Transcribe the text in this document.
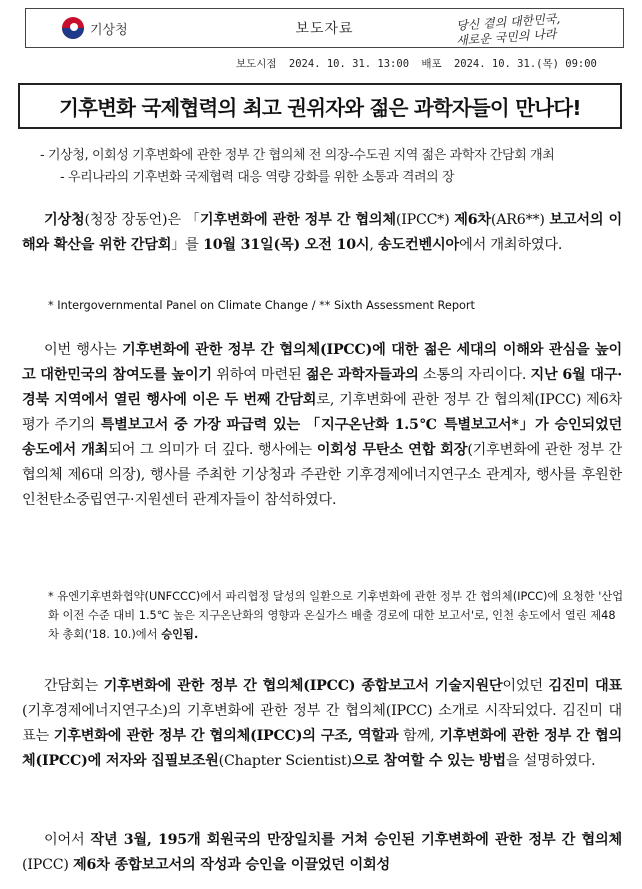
기상청	보도자료	당신 곁의 대한민국,
새로운 국민의 나라
보도시점 2024. 10. 31. 13:00 배포 2024. 10. 31.(목) 09:00
기후변화 국제협력의 최고 권위자와 젊은 과학자들이 만나다!
- 기상청, 이회성 기후변화에 관한 정부 간 협의체 전 의장-수도권 지역 젊은 과학자 간담회 개최
- 우리나라의 기후변화 국제협력 대응 역량 강화를 위한 소통과 격려의 장
기상청(청장 장동언)은 「기후변화에 관한 정부 간 협의체(IPCC*) 제6차(AR6**) 보고서의 이해와 확산을 위한 간담회」를 10월 31일(목) 오전 10시, 송도컨벤시아에서 개최하였다.
* Intergovernmental Panel on Climate Change / ** Sixth Assessment Report
이번 행사는 기후변화에 관한 정부 간 협의체(IPCC)에 대한 젊은 세대의 이해와 관심을 높이고 대한민국의 참여도를 높이기 위하여 마련된 젊은 과학자들과의 소통의 자리이다. 지난 6월 대구·경북 지역에서 열린 행사에 이은 두 번째 간담회로, 기후변화에 관한 정부 간 협의체(IPCC) 제6차 평가 주기의 특별보고서 중 가장 파급력 있는 「지구온난화 1.5℃ 특별보고서*」가 승인되었던 송도에서 개최되어 그 의미가 더 깊다. 행사에는 이회성 무탄소 연합 회장(기후변화에 관한 정부 간 협의체 제6대 의장), 행사를 주최한 기상청과 주관한 기후경제에너지연구소 관계자, 행사를 후원한 인천탄소중립연구·지원센터 관계자들이 참석하였다.
* 유엔기후변화협약(UNFCCC)에서 파리협정 달성의 일환으로 기후변화에 관한 정부 간 협의체(IPCC)에 요청한 '산업화 이전 수준 대비 1.5℃ 높은 지구온난화의 영향과 온실가스 배출 경로에 대한 보고서'로, 인천 송도에서 열린 제48차 총회('18. 10.)에서 승인됨.
간담회는 기후변화에 관한 정부 간 협의체(IPCC) 종합보고서 기술지원단이었던 김진미 대표(기후경제에너지연구소)의 기후변화에 관한 정부 간 협의체(IPCC) 소개로 시작되었다. 김진미 대표는 기후변화에 관한 정부 간 협의체(IPCC)의 구조, 역할과 함께, 기후변화에 관한 정부 간 협의체(IPCC)에 저자와 집필보조원(Chapter Scientist)으로 참여할 수 있는 방법을 설명하였다.
이어서 작년 3월, 195개 회원국의 만장일치를 거쳐 승인된 기후변화에 관한 정부 간 협의체(IPCC) 제6차 종합보고서의 작성과 승인을 이끌었던 이회성
